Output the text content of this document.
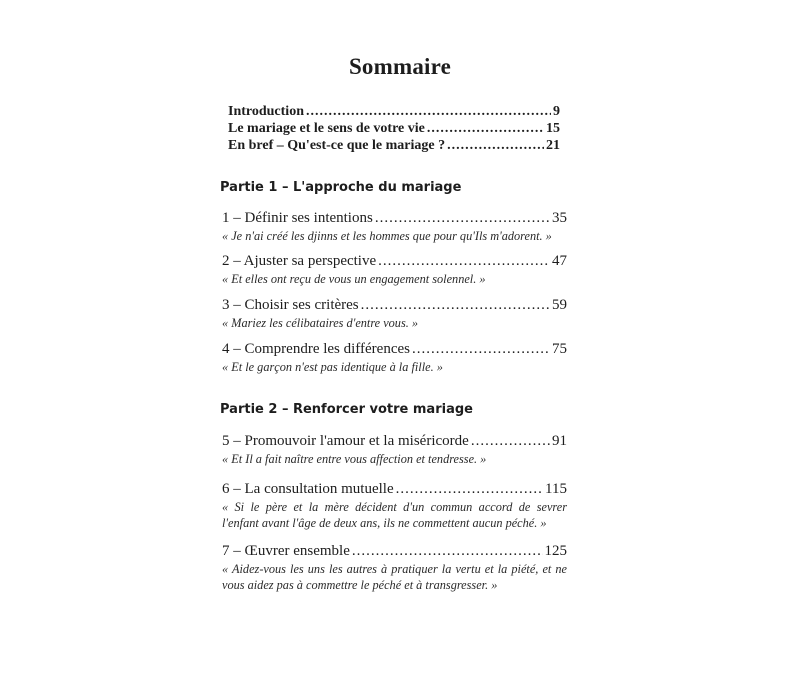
Sommaire
Introduction .....	9
Le mariage et le sens de votre vie .....	15
En bref – Qu'est-ce que le mariage ? .....	21
Partie 1 – L'approche du mariage
1 – Définir ses intentions .....	35
« Je n'ai créé les djinns et les hommes que pour qu'Ils m'adorent. »
2 – Ajuster sa perspective .....	47
« Et elles ont reçu de vous un engagement solennel. »
3 – Choisir ses critères .....	59
« Mariez les célibataires d'entre vous. »
4 – Comprendre les différences .....	75
« Et le garçon n'est pas identique à la fille. »
Partie 2 – Renforcer votre mariage
5 – Promouvoir l'amour et la miséricorde .....	91
« Et Il a fait naître entre vous affection et tendresse. »
6 – La consultation mutuelle .....	115
« Si le père et la mère décident d'un commun accord de sevrer l'enfant avant l'âge de deux ans, ils ne commettent aucun péché. »
7 – Œuvrer ensemble .....	125
« Aidez-vous les uns les autres à pratiquer la vertu et la piété, et ne vous aidez pas à commettre le péché et à transgresser. »
